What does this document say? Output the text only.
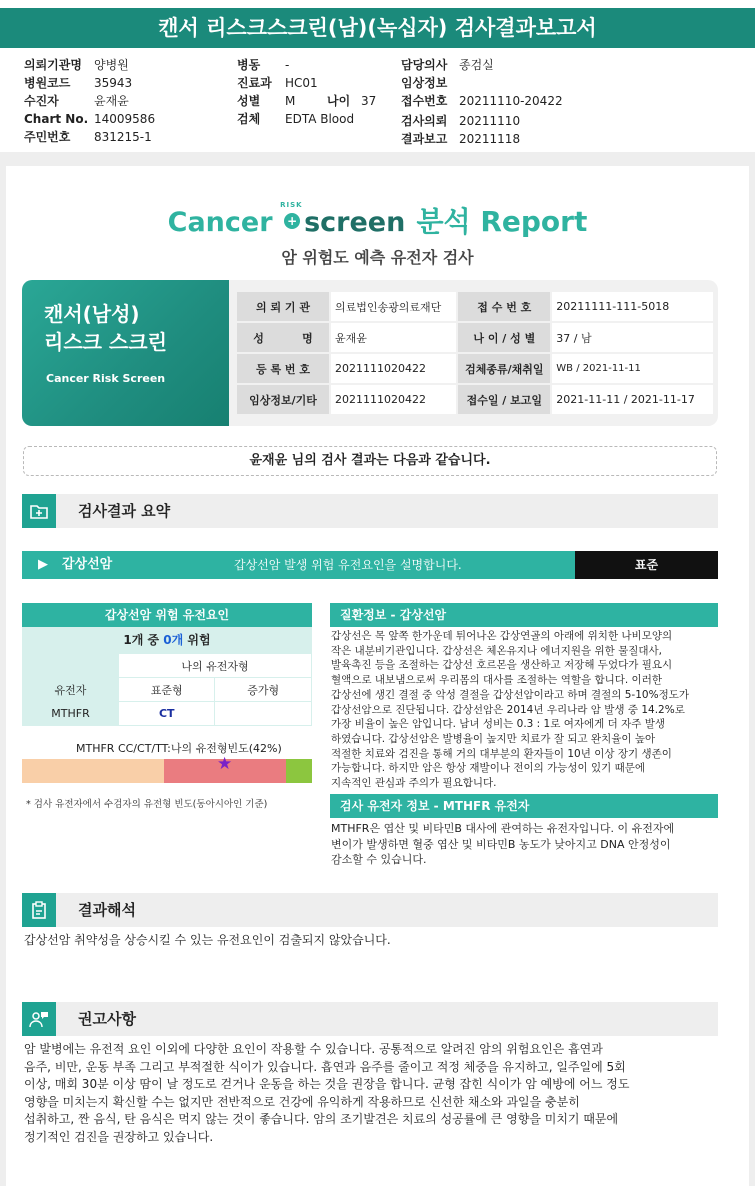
캔서 리스크스크린(남)(녹십자) 검사결과보고서
의뢰기관명 양병원
병원코드 35943
수진자	윤재윤
Chart No. 14009586
주민번호 831215-1
병동 -
진료과 HC01
성별 M	나이 37
검체 EDTA Blood
담당의사 종검실
임상정보
접수번호 20211110-20422
검사의뢰 20211110
결과보고 20211118
Cancer
RISK
+ screen 분석 Report
암 위험도 예측 유전자 검사
캔서(남성)
리스크 스크린
Cancer Risk Screen
의 뢰 기 관	의료법인송광의료재단	접 수 번 호	20211111-111-5018
성          명	윤재윤	나 이 / 성 별	37 / 남
등 록 번 호	2021111020422	검체종류/채취일	WB / 2021-11-11
임상정보/기타	2021111020422	접수일 / 보고일	2021-11-11 / 2021-11-17
윤재윤 님의 검사 결과는 다음과 같습니다.
검사결과 요약
▶ 갑상선암	갑상선암 발생 위험 유전요인을 설명합니다.	표준
갑상선암 위험 유전요인
1개 중 0개 위험
	나의 유전자형	
유전자	표준형	증가형
MTHFR	CT	
MTHFR CC/CT/TT:나의 유전형빈도(42%)
★
* 검사 유전자에서 수검자의 유전형 빈도(동아시아인 기준)
질환정보 - 갑상선암
갑상선은 목 앞쪽 한가운데 튀어나온 갑상연골의 아래에 위치한 나비모양의
작은 내분비기관입니다. 갑상선은 체온유지나 에너지원을 위한 물질대사,
발육촉진 등을 조절하는 갑상선 호르몬을 생산하고 저장해 두었다가 필요시
혈액으로 내보냄으로써 우리몸의 대사를 조절하는 역할을 합니다. 이러한
갑상선에 생긴 결절 중 악성 결절을 갑상선암이라고 하며 결절의 5-10%정도가
갑상선암으로 진단됩니다. 갑상선암은 2014년 우리나라 암 발생 중 14.2%로
가장 비율이 높은 암입니다. 남녀 성비는 0.3 : 1로 여자에게 더 자주 발생
하였습니다. 갑상선암은 발병율이 높지만 치료가 잘 되고 완치율이 높아
적절한 치료와 검진을 통해 거의 대부분의 환자들이 10년 이상 장기 생존이
가능합니다. 하지만 암은 항상 재발이나 전이의 가능성이 있기 때문에
지속적인 관심과 주의가 필요합니다.
검사 유전자 정보 - MTHFR 유전자
MTHFR은 엽산 및 비타민B 대사에 관여하는 유전자입니다. 이 유전자에
변이가 발생하면 혈중 엽산 및 비타민B 농도가 낮아지고 DNA 안정성이
감소할 수 있습니다.
결과해석
갑상선암 취약성을 상승시킬 수 있는 유전요인이 검출되지 않았습니다.
권고사항
암 발병에는 유전적 요인 이외에 다양한 요인이 작용할 수 있습니다. 공통적으로 알려진 암의 위험요인은 흡연과
음주, 비만, 운동 부족 그리고 부적절한 식이가 있습니다. 흡연과 음주를 줄이고 적정 체중을 유지하고, 일주일에 5회
이상, 매회 30분 이상 땀이 날 정도로 걷거나 운동을 하는 것을 권장을 합니다. 균형 잡힌 식이가 암 예방에 어느 정도
영향을 미치는지 확신할 수는 없지만 전반적으로 건강에 유익하게 작용하므로 신선한 채소와 과일을 충분히
섭취하고, 짠 음식, 탄 음식은 먹지 않는 것이 좋습니다. 암의 조기발견은 치료의 성공률에 큰 영향을 미치기 때문에
정기적인 검진을 권장하고 있습니다.
